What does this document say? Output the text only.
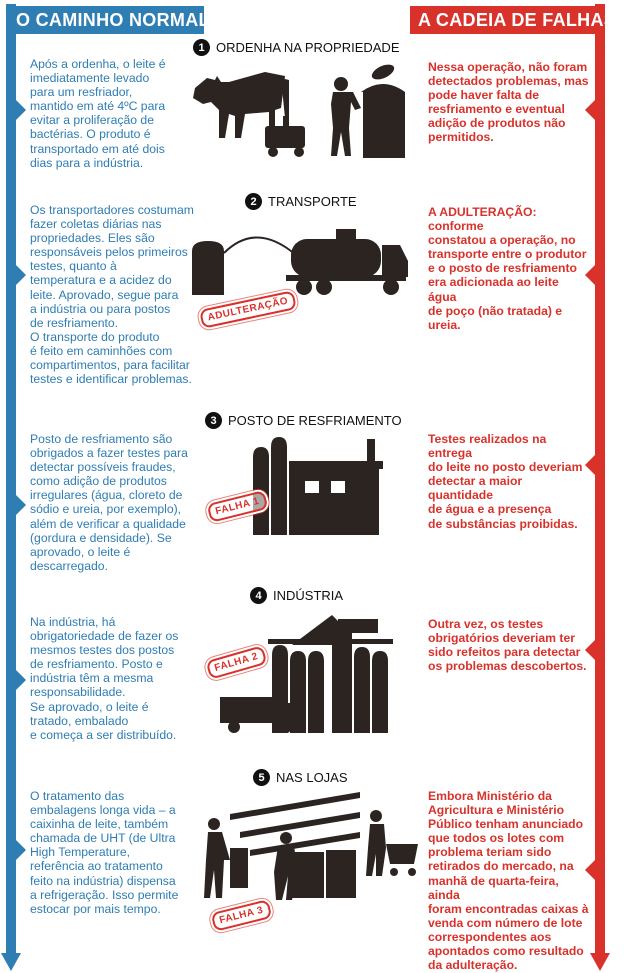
O CAMINHO NORMAL	A CADEIA DE FALHAS
1 ORDENHA NA PROPRIEDADE
2 TRANSPORTE
3 POSTO DE RESFRIAMENTO
4 INDÚSTRIA
5 NAS LOJAS
Após a ordenha, o leite é
imediatamente levado
para um resfriador,
mantido em até 4ºC para
evitar a proliferação de
bactérias. O produto é
transportado em até dois
dias para a indústria.
Os transportadores costumam
fazer coletas diárias nas
propriedades. Eles são
responsáveis pelos primeiros
testes, quanto à
temperatura e a acidez do
leite. Aprovado, segue para
a indústria ou para postos
de resfriamento.
O transporte do produto
é feito em caminhões com
compartimentos, para facilitar
testes e identificar problemas.
Posto de resfriamento são
obrigados a fazer testes para
detectar possíveis fraudes,
como adição de produtos
irregulares (água, cloreto de
sódio e ureia, por exemplo),
além de verificar a qualidade
(gordura e densidade). Se
aprovado, o leite é
descarregado.
Na indústria, há
obrigatoriedade de fazer os
mesmos testes dos postos
de resfriamento. Posto e
indústria têm a mesma
responsabilidade.
Se aprovado, o leite é
tratado, embalado
e começa a ser distribuído.
O tratamento das
embalagens longa vida – a
caixinha de leite, também
chamada de UHT (de Ultra
High Temperature,
referência ao tratamento
feito na indústria) dispensa
a refrigeração. Isso permite
estocar por mais tempo.
Nessa operação, não foram
detectados problemas, mas
pode haver falta de
resfriamento e eventual
adição de produtos não
permitidos.
A ADULTERAÇÃO: conforme
constatou a operação, no
transporte entre o produtor
e o posto de resfriamento
era adicionada ao leite água
de poço (não tratada) e
ureia.
Testes realizados na entrega
do leite no posto deveriam
detectar a maior quantidade
de água e a presença
de substâncias proibidas.
Outra vez, os testes
obrigatórios deveriam ter
sido refeitos para detectar
os problemas descobertos.
Embora Ministério da
Agricultura e Ministério
Público tenham anunciado
que todos os lotes com
problema teriam sido
retirados do mercado, na
manhã de quarta-feira, ainda
foram encontradas caixas à
venda com número de lote
correspondentes aos
apontados como resultado
da adulteração.
ADULTERAÇÃO
FALHA 1
FALHA 2
FALHA 3
